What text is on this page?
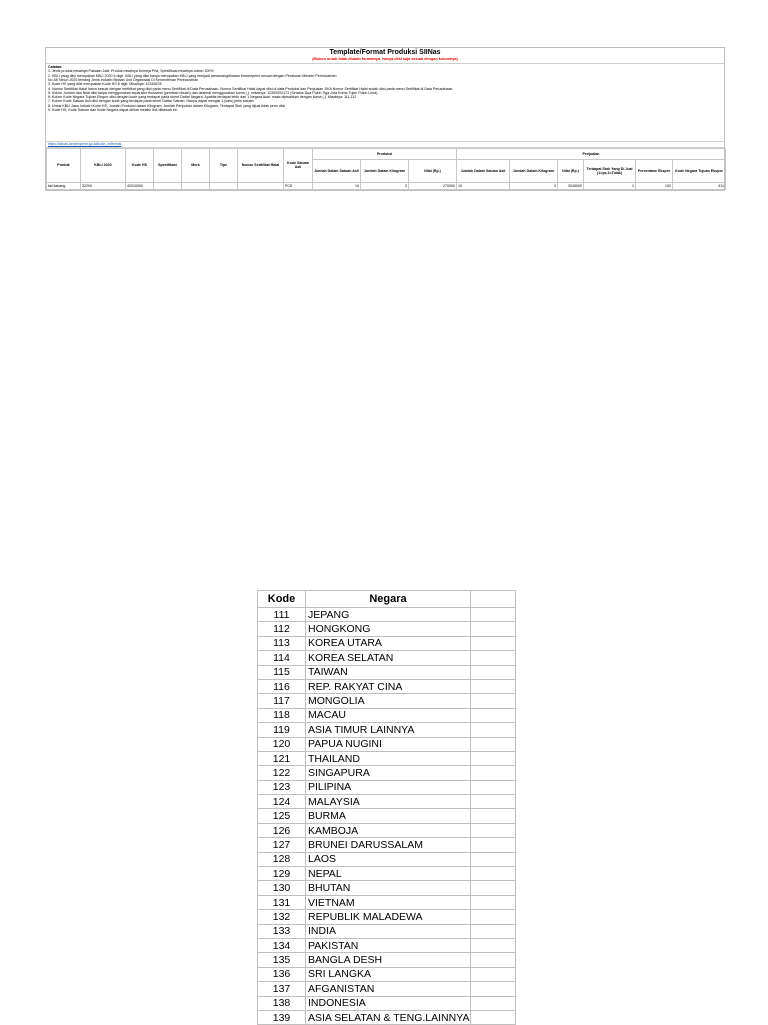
Template/Format Produksi SIINas
(Mohon untuk tidak diubah formatnya, hanya diisi saja sesuai dengan kolomnya)
Catatan:
1. Jenis produk misalnya Pakaian Jadi, Produk misalnya Kemeja Pria, Spesifikasi misalnya cotton 100%
2. KBLI yang diisi merupakan KBLI 2020 5 digit. KBLI yang diisi hanya merupakan KBLI yang menjadi wewenang/binaan Kemenperin sesuai dengan Peraturan Menteri Perindustrian
No.48 Tahun 2020 tentang Jenis Industri Binaan Unit Organisasi Di Kementerian Perindustrian
3. Kode HS yang diisi merupakan Kode HS 8 digit. Misalnya: 12345678
4. Nomor Sertifikat Halal harus sesuai dengan sertifikat yang diisi pada menu Sertifikat di Data Perusahaan. Nomor Sertifikat Halal dapat diisi di data Produksi dan Penjualan JIKA Nomor Sertifikat Halal sudah diisi pada menu Sertifikat di Data Perusahaan.
5. Kolom Jumlah dan Nilai diisi tanpa menggunakan separator thousand (pemisah ribuan) dan desimal menggunakan koma (,), misalnya: 12300000173 (Seratus Dua Puluh Tiga Juta Koma Tujuh Puluh Lima)
6. Kolom Kode Negara Tujuan Ekspor diisi dengan kode yang terdapat pada sheet Daftar Negara. Apabila terdapat lebih dari 1 Negara Asal, maka dipisahkan dengan koma (,). Misalnya: 111,112
7. Kolom Kode Satuan Asli diisi dengan kode yang terdapat pada sheet Daftar Satuan. Hanya dapat mengisi 1 (satu) jenis satuan
8. Untuk KBLI Jasa Industri Kode HS, Jumlah Produksi dalam Kilogram, Jumlah Penjualan dalam Kilogram, Terdapat Stok yang dijual tidak perlu diisi
9. Kode HS, Kode Satuan dan Kode Negara dapat dilihat melalui link dibawah ini:
https://siinas.kemenperin.go.id/kode_referensi
Produk	KBLI 2020	Kode HS	Spesifikasi	Merk	Tipe	Nomor Sertifikat Halal	Kode Satuan Asli	Produksi			Penjualan					
								Jumlah Dalam Satuan Asli	Jumlah Dalam Kilogram	Nilai (Rp.)	Jumlah Dalam Satuan Asli	Jumlah Dalam Kilogram	Nilai (Rp.)	Terdapat Stok Yang Di Jual (1=ya;2=Tidak)	Persentase Ekspor	Kode Negara Tujuan Ekspor
tali kabang	32200	42010000					PCE	10	3	270000	10	3	3045000	1	100	411
Kode	Negara	
111	JEPANG	
112	HONGKONG	
113	KOREA UTARA	
114	KOREA SELATAN	
115	TAIWAN	
116	REP. RAKYAT CINA	
117	MONGOLIA	
118	MACAU	
119	ASIA TIMUR LAINNYA	
120	PAPUA NUGINI	
121	THAILAND	
122	SINGAPURA	
123	PILIPINA	
124	MALAYSIA	
125	BURMA	
126	KAMBOJA	
127	BRUNEI DARUSSALAM	
128	LAOS	
129	NEPAL	
130	BHUTAN	
131	VIETNAM	
132	REPUBLIK MALADEWA	
133	INDIA	
134	PAKISTAN	
135	BANGLA DESH	
136	SRI LANGKA	
137	AFGANISTAN	
138	INDONESIA	
139	ASIA SELATAN & TENG.LAINNYA	
